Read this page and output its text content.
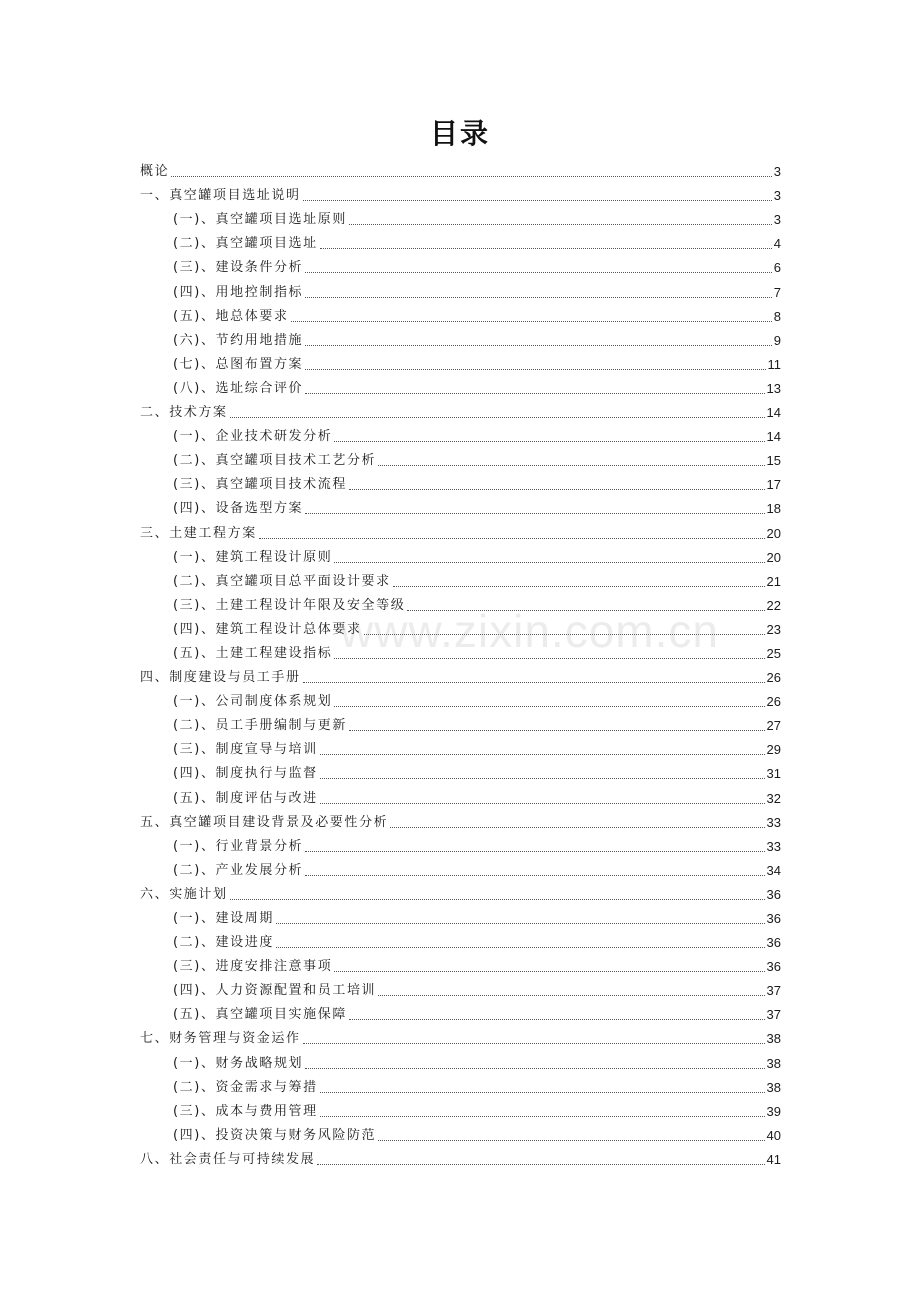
目录
概论	3
一、真空罐项目选址说明	3
(一)、真空罐项目选址原则	3
(二)、真空罐项目选址	4
(三)、建设条件分析	6
(四)、用地控制指标	7
(五)、地总体要求	8
(六)、节约用地措施	9
(七)、总图布置方案	11
(八)、选址综合评价	13
二、技术方案	14
(一)、企业技术研发分析	14
(二)、真空罐项目技术工艺分析	15
(三)、真空罐项目技术流程	17
(四)、设备选型方案	18
三、土建工程方案	20
(一)、建筑工程设计原则	20
(二)、真空罐项目总平面设计要求	21
(三)、土建工程设计年限及安全等级	22
(四)、建筑工程设计总体要求	23
(五)、土建工程建设指标	25
四、制度建设与员工手册	26
(一)、公司制度体系规划	26
(二)、员工手册编制与更新	27
(三)、制度宣导与培训	29
(四)、制度执行与监督	31
(五)、制度评估与改进	32
五、真空罐项目建设背景及必要性分析	33
(一)、行业背景分析	33
(二)、产业发展分析	34
六、实施计划	36
(一)、建设周期	36
(二)、建设进度	36
(三)、进度安排注意事项	36
(四)、人力资源配置和员工培训	37
(五)、真空罐项目实施保障	37
七、财务管理与资金运作	38
(一)、财务战略规划	38
(二)、资金需求与筹措	38
(三)、成本与费用管理	39
(四)、投资决策与财务风险防范	40
八、社会责任与可持续发展	41
www.zixin.com.cn
